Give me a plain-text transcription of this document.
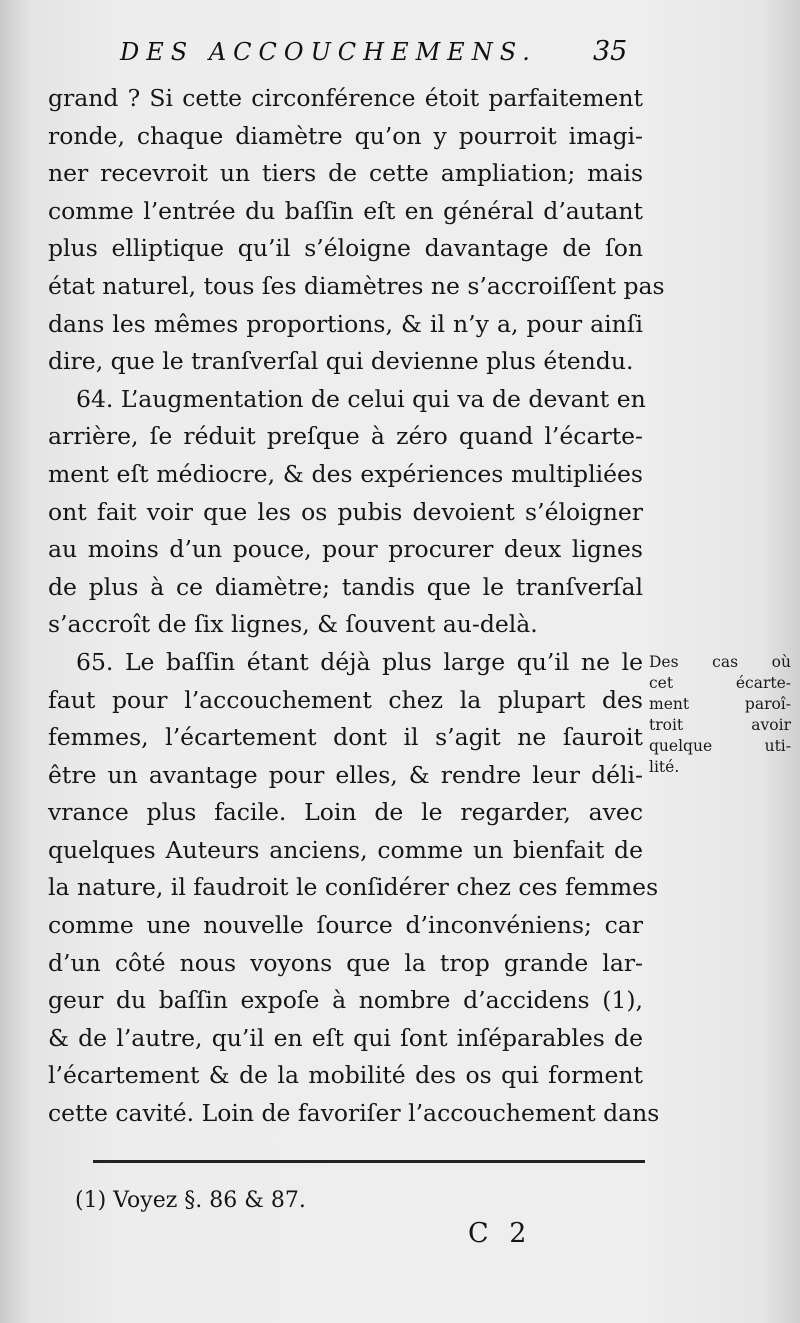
DES ACCOUCHEMENS. 35
grand ? Si cette circonférence étoit parfaitement
ronde, chaque diamètre qu’on y pourroit imagi-
ner recevroit un tiers de cette ampliation; mais
comme l’entrée du baſſin eſt en général d’autant
plus elliptique qu’il s’éloigne davantage de ſon
état naturel, tous ſes diamètres ne s’accroiſſent pas
dans les mêmes proportions, & il n’y a, pour ainſi
dire, que le tranſverſal qui devienne plus étendu.
64. L’augmentation de celui qui va de devant en
arrière, ſe réduit preſque à zéro quand l’écarte-
ment eſt médiocre, & des expériences multipliées
ont fait voir que les os pubis devoient s’éloigner
au moins d’un pouce, pour procurer deux lignes
de plus à ce diamètre; tandis que le tranſverſal
s’accroît de ſix lignes, & ſouvent au-delà.
65. Le baſſin étant déjà plus large qu’il ne le
faut pour l’accouchement chez la plupart des
femmes, l’écartement dont il s’agit ne ſauroit
être un avantage pour elles, & rendre leur déli-
vrance plus facile. Loin de le regarder, avec
quelques Auteurs anciens, comme un bienfait de
la nature, il faudroit le conſidérer chez ces femmes
comme une nouvelle ſource d’inconvéniens; car
d’un côté nous voyons que la trop grande lar-
geur du baſſin expoſe à nombre d’accidens (1),
& de l’autre, qu’il en eſt qui ſont inſéparables de
l’écartement & de la mobilité des os qui forment
cette cavité. Loin de favoriſer l’accouchement dans
Des cas où
cet écarte-
ment paroî-
troit avoir
quelque uti-
lité.
(1) Voyez §. 86 & 87.
C 2
